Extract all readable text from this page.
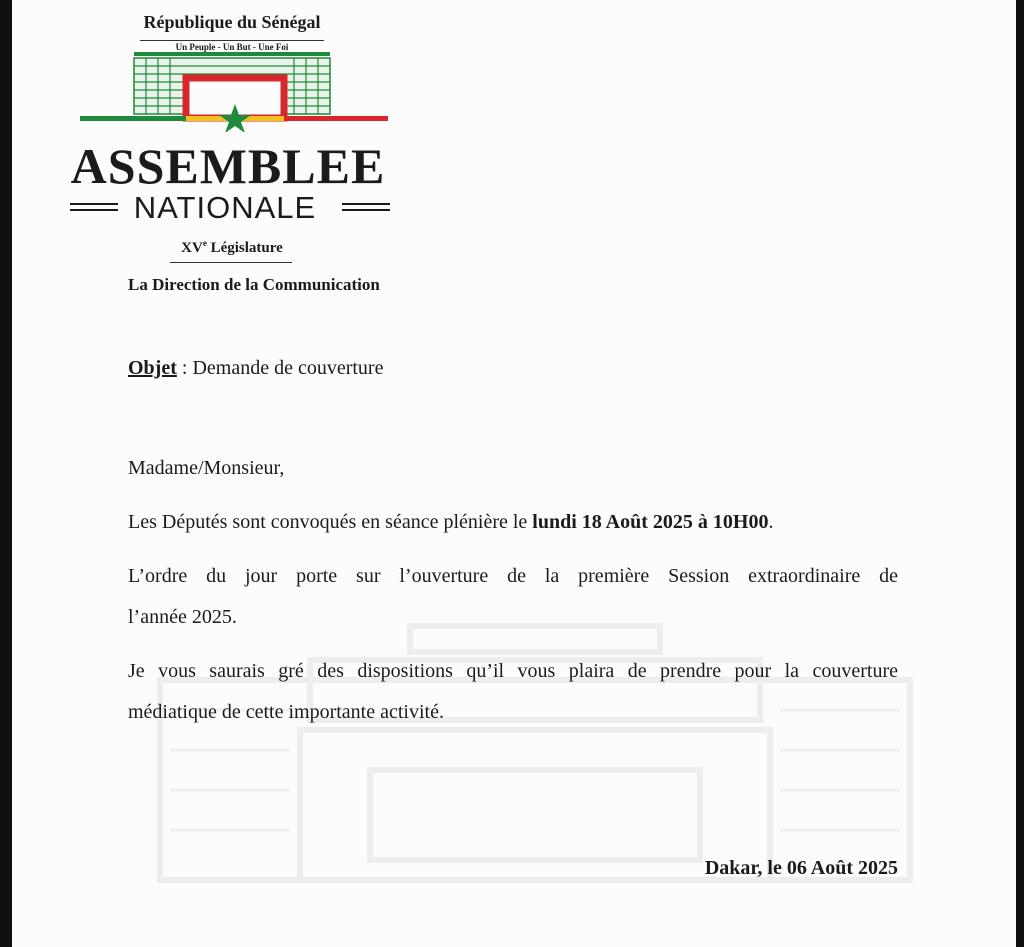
République du Sénégal
Un Peuple - Un But - Une Foi
ASSEMBLEE
NATIONALE
XVe Législature
La Direction de la Communication
Objet : Demande de couverture
Madame/Monsieur,
Les Députés sont convoqués en séance plénière le lundi 18 Août 2025 à 10H00.
L’ordre du jour porte sur l’ouverture de la première Session extraordinaire de
l’année 2025.
Je vous saurais gré des dispositions qu’il vous plaira de prendre pour la couverture
médiatique de cette importante activité.
Dakar, le 06 Août 2025
